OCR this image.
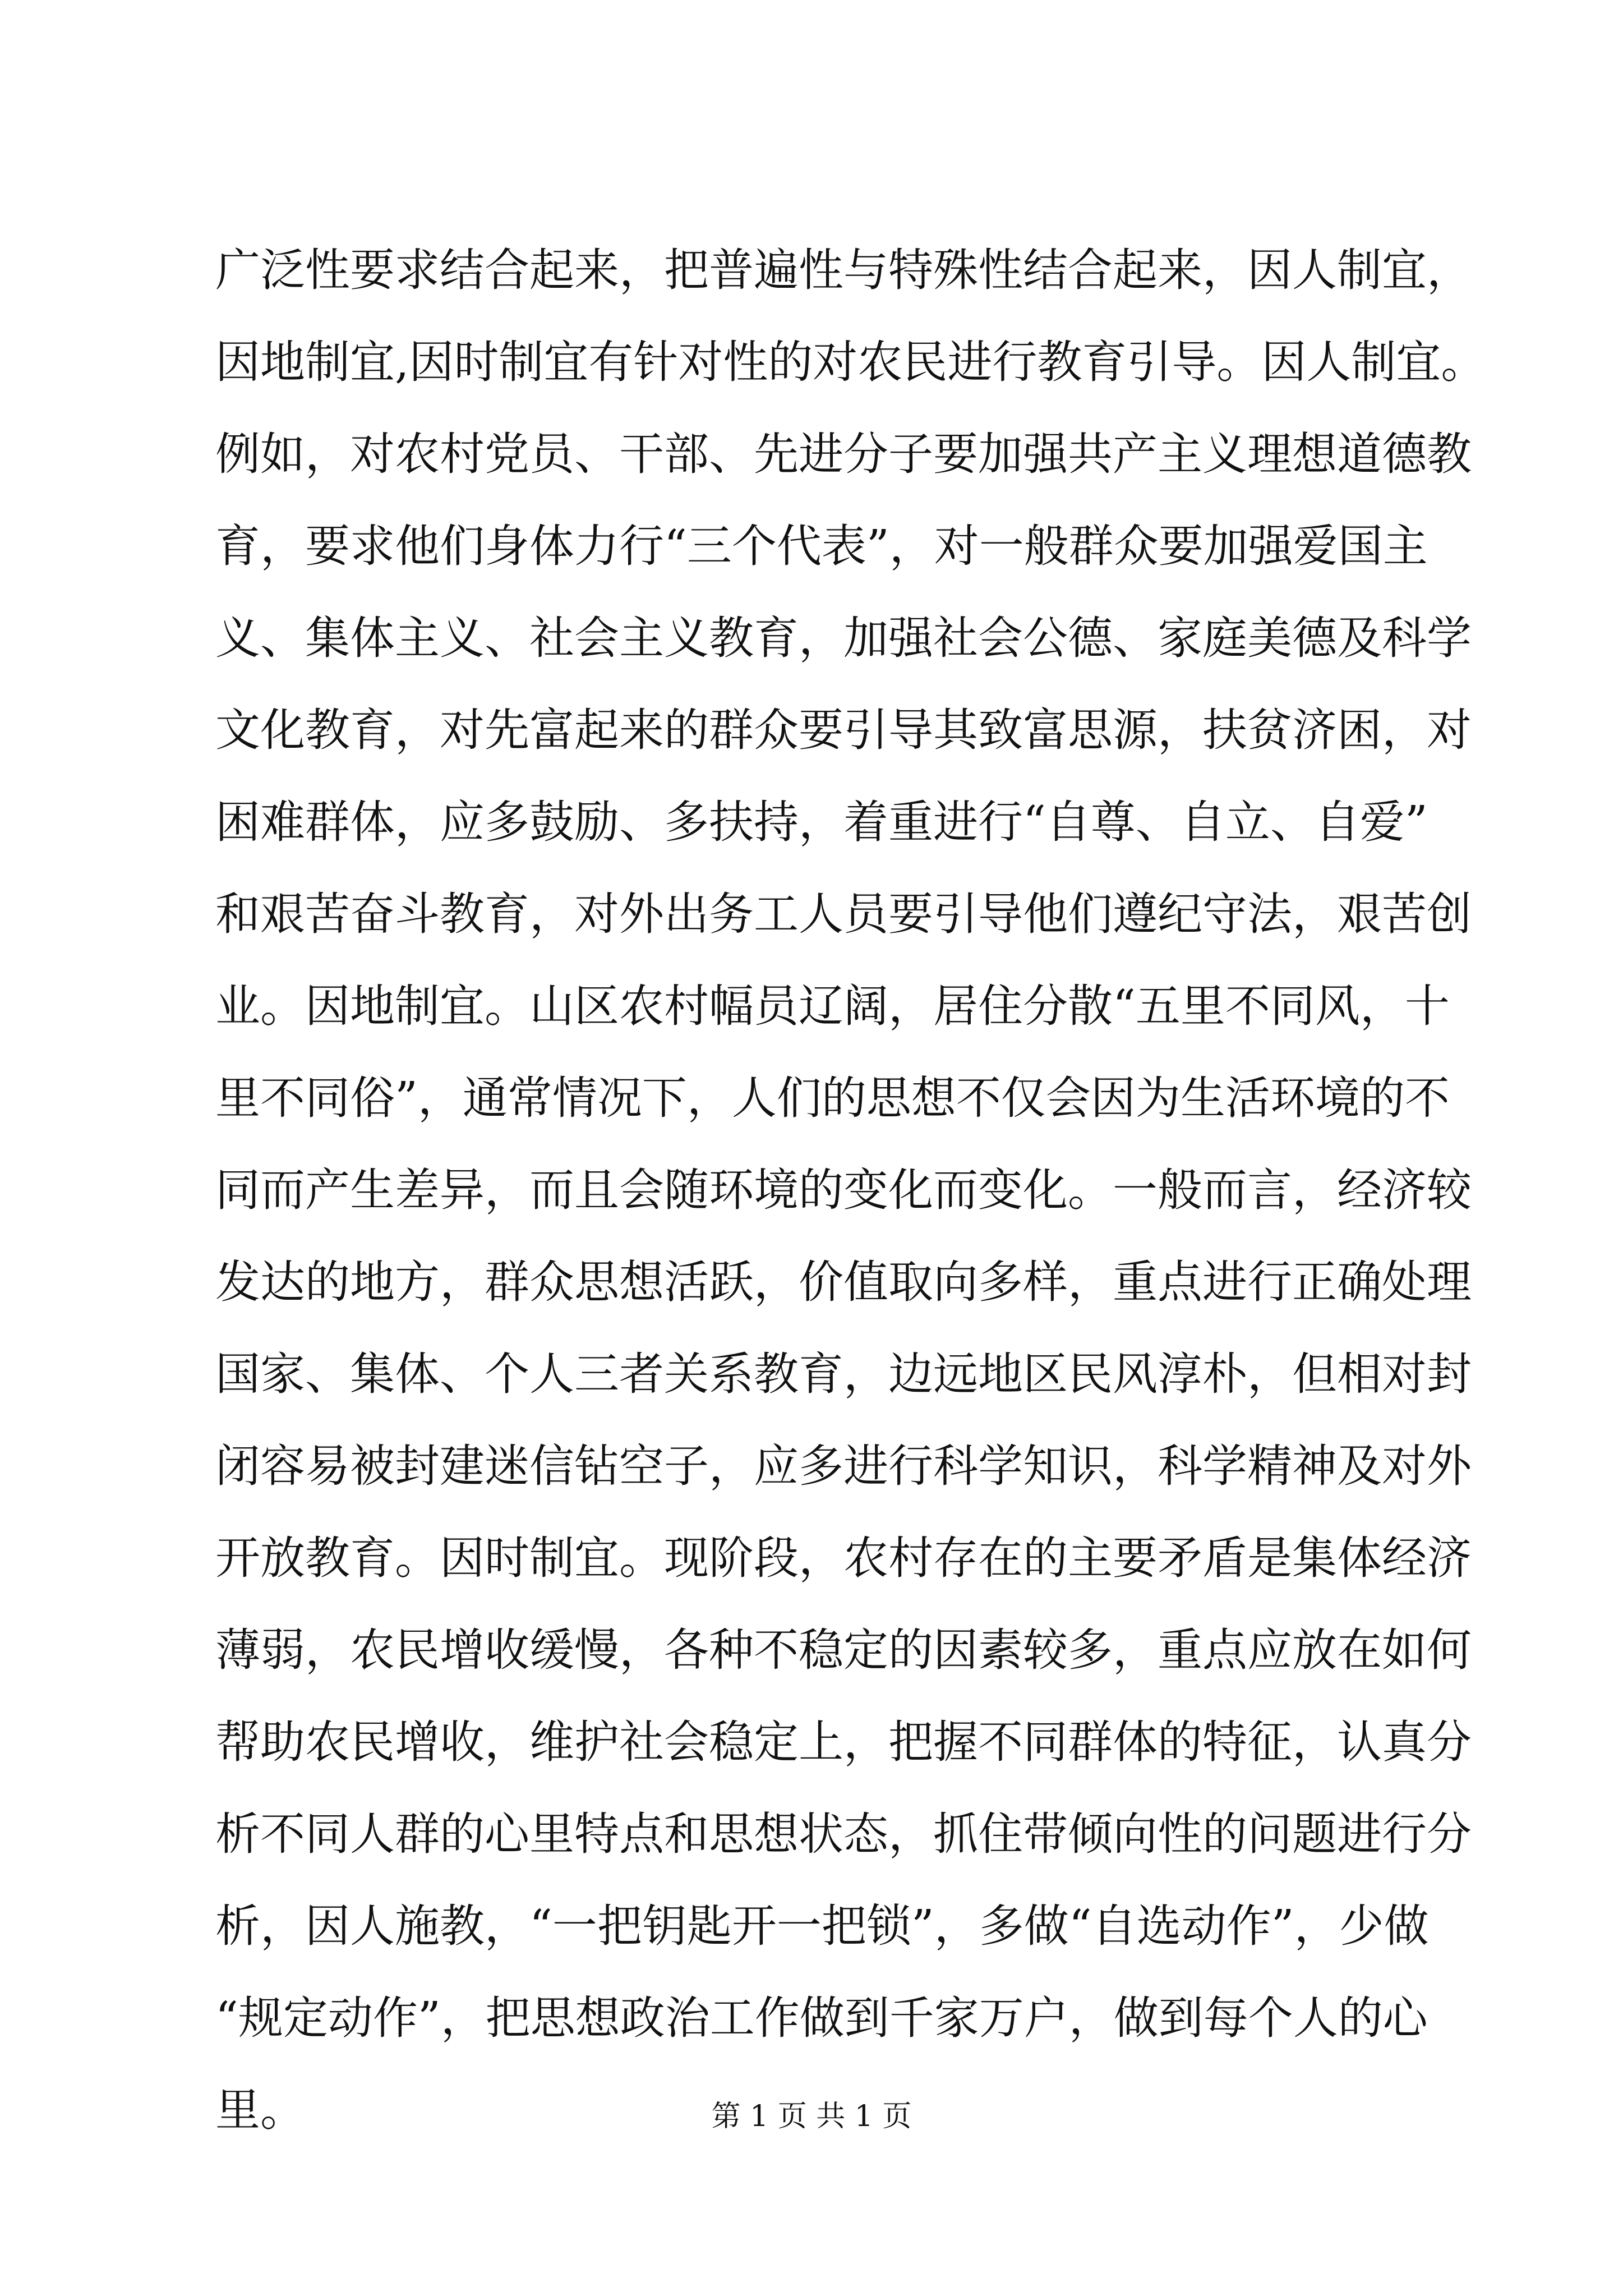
广泛性要求结合起来，把普遍性与特殊性结合起来，因人制宜，
因地制宜,因时制宜有针对性的对农民进行教育引导。因人制宜。
例如，对农村党员、干部、先进分子要加强共产主义理想道德教
育，要求他们身体力行“三个代表”，对一般群众要加强爱国主
义、集体主义、社会主义教育，加强社会公德、家庭美德及科学
文化教育，对先富起来的群众要引导其致富思源，扶贫济困，对
困难群体，应多鼓励、多扶持，着重进行“自尊、自立、自爱”
和艰苦奋斗教育，对外出务工人员要引导他们遵纪守法，艰苦创
业。因地制宜。山区农村幅员辽阔，居住分散“五里不同风，十
里不同俗”，通常情况下，人们的思想不仅会因为生活环境的不
同而产生差异，而且会随环境的变化而变化。一般而言，经济较
发达的地方，群众思想活跃，价值取向多样，重点进行正确处理
国家、集体、个人三者关系教育，边远地区民风淳朴，但相对封
闭容易被封建迷信钻空子，应多进行科学知识，科学精神及对外
开放教育。因时制宜。现阶段，农村存在的主要矛盾是集体经济
薄弱，农民增收缓慢，各种不稳定的因素较多，重点应放在如何
帮助农民增收，维护社会稳定上，把握不同群体的特征，认真分
析不同人群的心里特点和思想状态，抓住带倾向性的问题进行分
析，因人施教，“一把钥匙开一把锁”，多做“自选动作”，少做
“规定动作”，把思想政治工作做到千家万户，做到每个人的心
里。	第 1 页 共 1 页
